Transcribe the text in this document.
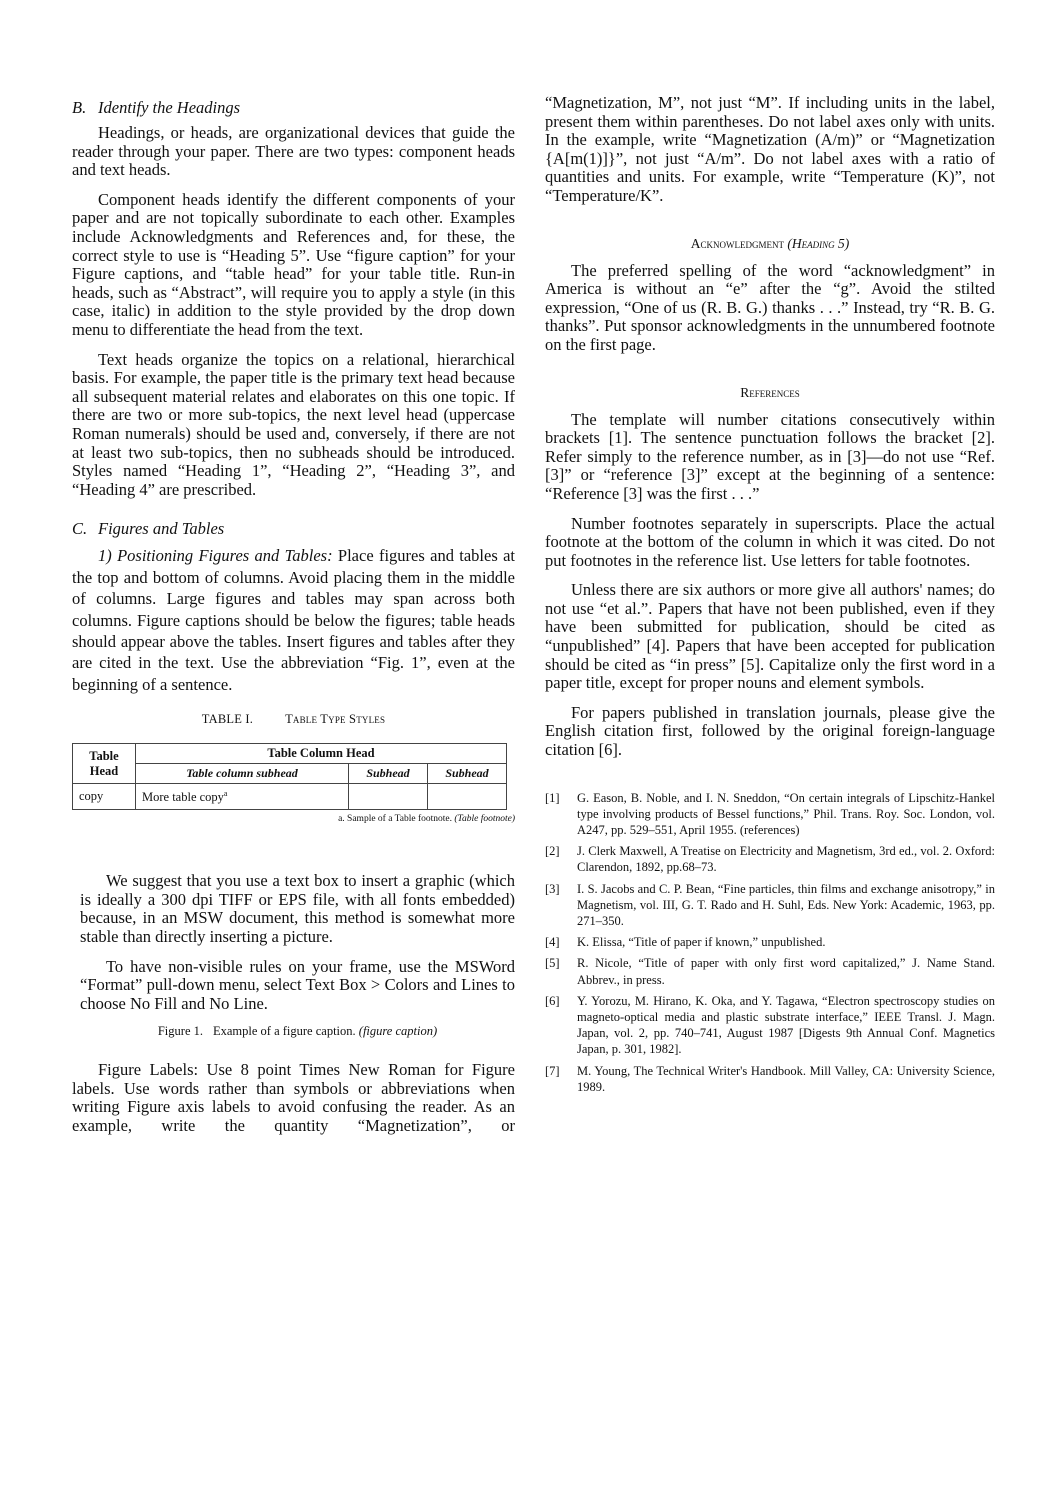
B. Identify the Headings

Headings, or heads, are organizational devices that guide the reader through your paper. There are two types: component heads and text heads.

Component heads identify the different components of your paper and are not topically subordinate to each other. Examples include Acknowledgments and References and, for these, the correct style to use is “Heading 5”. Use “figure caption” for your Figure captions, and “table head” for your table title. Run-in heads, such as “Abstract”, will require you to apply a style (in this case, italic) in addition to the style provided by the drop down menu to differentiate the head from the text.

Text heads organize the topics on a relational, hierarchical basis. For example, the paper title is the primary text head because all subsequent material relates and elaborates on this one topic. If there are two or more sub-topics, the next level head (uppercase Roman numerals) should be used and, conversely, if there are not at least two sub-topics, then no subheads should be introduced. Styles named “Heading 1”, “Heading 2”, “Heading 3”, and “Heading 4” are prescribed.

C. Figures and Tables

1) Positioning Figures and Tables: Place figures and tables at the top and bottom of columns. Avoid placing them in the middle of columns. Large figures and tables may span across both columns. Figure captions should be below the figures; table heads should appear above the tables. Insert figures and tables after they are cited in the text. Use the abbreviation “Fig. 1”, even at the beginning of a sentence.

TABLE I.	Table Type Styles
Table Head	Table Column Head		
	Table column subhead	Subhead	Subhead
copy	More table copy$^a$		
a. Sample of a Table footnote. (Table footnote)

We suggest that you use a text box to insert a graphic (which is ideally a 300 dpi TIFF or EPS file, with all fonts embedded) because, in an MSW document, this method is somewhat more stable than directly inserting a picture.

To have non-visible rules on your frame, use the MSWord “Format” pull-down menu, select Text Box > Colors and Lines to choose No Fill and No Line.

Figure 1. Example of a figure caption. (figure caption)

Figure Labels: Use 8 point Times New Roman for Figure labels. Use words rather than symbols or abbreviations when writing Figure axis labels to avoid confusing the reader. As an example, write the quantity “Magnetization”, or

“Magnetization, M”, not just “M”. If including units in the label, present them within parentheses. Do not label axes only with units. In the example, write “Magnetization (A/m)” or “Magnetization {A[m(1)]}”, not just “A/m”. Do not label axes with a ratio of quantities and units. For example, write “Temperature (K)”, not “Temperature/K”.

Acknowledgment (Heading 5)

The preferred spelling of the word “acknowledgment” in America is without an “e” after the “g”. Avoid the stilted expression, “One of us (R. B. G.) thanks . . .” Instead, try “R. B. G. thanks”. Put sponsor acknowledgments in the unnumbered footnote on the first page.

References

The template will number citations consecutively within brackets [1]. The sentence punctuation follows the bracket [2]. Refer simply to the reference number, as in [3]—do not use “Ref. [3]” or “reference [3]” except at the beginning of a sentence: “Reference [3] was the first . . .”

Number footnotes separately in superscripts. Place the actual footnote at the bottom of the column in which it was cited. Do not put footnotes in the reference list. Use letters for table footnotes.

Unless there are six authors or more give all authors' names; do not use “et al.”. Papers that have not been published, even if they have been submitted for publication, should be cited as “unpublished” [4]. Papers that have been accepted for publication should be cited as “in press” [5]. Capitalize only the first word in a paper title, except for proper nouns and element symbols.

For papers published in translation journals, please give the English citation first, followed by the original foreign-language citation [6].

[1]	G. Eason, B. Noble, and I. N. Sneddon, “On certain integrals of Lipschitz-Hankel type involving products of Bessel functions,” Phil. Trans. Roy. Soc. London, vol. A247, pp. 529–551, April 1955. (references)
[2]	J. Clerk Maxwell, A Treatise on Electricity and Magnetism, 3rd ed., vol. 2. Oxford: Clarendon, 1892, pp.68–73.
[3]	I. S. Jacobs and C. P. Bean, “Fine particles, thin films and exchange anisotropy,” in Magnetism, vol. III, G. T. Rado and H. Suhl, Eds. New York: Academic, 1963, pp. 271–350.
[4]	K. Elissa, “Title of paper if known,” unpublished.
[5]	R. Nicole, “Title of paper with only first word capitalized,” J. Name Stand. Abbrev., in press.
[6]	Y. Yorozu, M. Hirano, K. Oka, and Y. Tagawa, “Electron spectroscopy studies on magneto-optical media and plastic substrate interface,” IEEE Transl. J. Magn. Japan, vol. 2, pp. 740–741, August 1987 [Digests 9th Annual Conf. Magnetics Japan, p. 301, 1982].
[7]	M. Young, The Technical Writer's Handbook. Mill Valley, CA: University Science, 1989.
